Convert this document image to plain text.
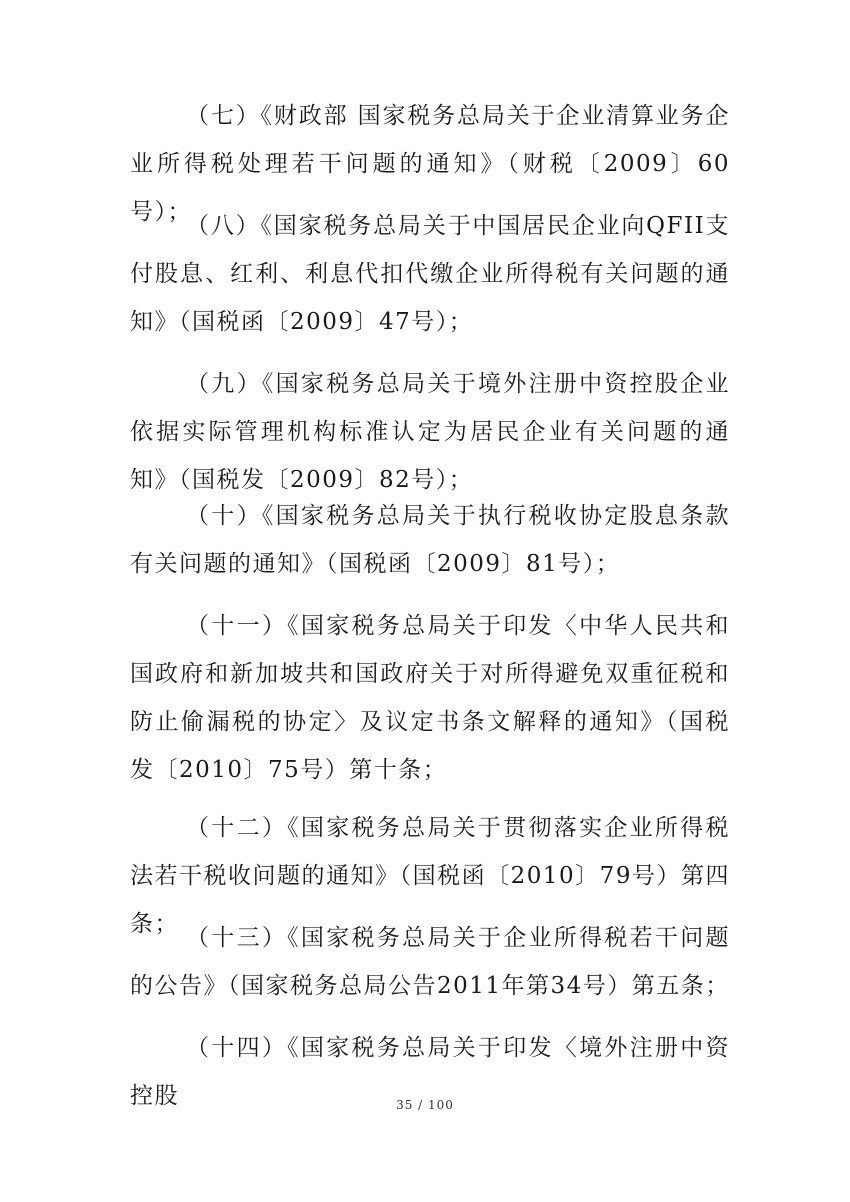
（七）《财政部 国家税务总局关于企业清算业务企业所得税处理若干问题的通知》（财税〔2009〕60号）；

（八）《国家税务总局关于中国居民企业向QFII支付股息、红利、利息代扣代缴企业所得税有关问题的通知》（国税函〔2009〕47号）；

（九）《国家税务总局关于境外注册中资控股企业依据实际管理机构标准认定为居民企业有关问题的通知》（国税发〔2009〕82号）；

（十）《国家税务总局关于执行税收协定股息条款有关问题的通知》（国税函〔2009〕81号）；

（十一）《国家税务总局关于印发〈中华人民共和国政府和新加坡共和国政府关于对所得避免双重征税和防止偷漏税的协定〉及议定书条文解释的通知》（国税发〔2010〕75号）第十条；

（十二）《国家税务总局关于贯彻落实企业所得税法若干税收问题的通知》（国税函〔2010〕79号）第四条；

（十三）《国家税务总局关于企业所得税若干问题的公告》（国家税务总局公告2011年第34号）第五条；

（十四）《国家税务总局关于印发〈境外注册中资控股	35 / 100
